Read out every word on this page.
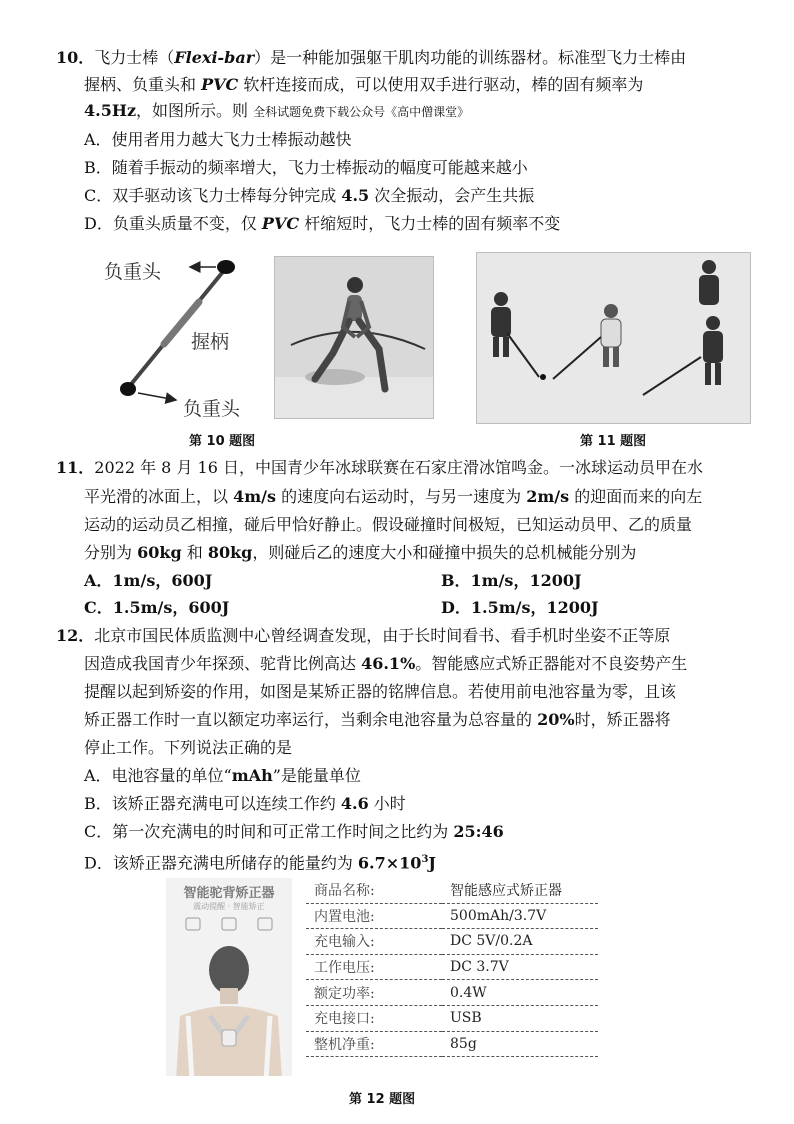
10．飞力士棒（Flexi-bar）是一种能加强躯干肌肉功能的训练器材。标准型飞力士棒由
握柄、负重头和 PVC 软杆连接而成，可以使用双手进行驱动，棒的固有频率为
4.5Hz，如图所示。则 全科试题免费下载公众号《高中僧课堂》
A．使用者用力越大飞力士棒振动越快
B．随着手振动的频率增大，飞力士棒振动的幅度可能越来越小
C．双手驱动该飞力士棒每分钟完成 4.5 次全振动，会产生共振
D．负重头质量不变，仅 PVC 杆缩短时，飞力士棒的固有频率不变
负重头
握柄
负重头
第 10 题图	第 11 题图
11．2022 年 8 月 16 日，中国青少年冰球联赛在石家庄滑冰馆鸣金。一冰球运动员甲在水
平光滑的冰面上，以 4m/s 的速度向右运动时，与另一速度为 2m/s 的迎面而来的向左
运动的运动员乙相撞，碰后甲恰好静止。假设碰撞时间极短，已知运动员甲、乙的质量
分别为 60kg 和 80kg，则碰后乙的速度大小和碰撞中损失的总机械能分别为
A．1m/s，600J	B．1m/s，1200J
C．1.5m/s，600J	D．1.5m/s，1200J
12．北京市国民体质监测中心曾经调查发现，由于长时间看书、看手机时坐姿不正等原
因造成我国青少年探颈、驼背比例高达 46.1%。智能感应式矫正器能对不良姿势产生
提醒以起到矫姿的作用，如图是某矫正器的铭牌信息。若使用前电池容量为零，且该
矫正器工作时一直以额定功率运行，当剩余电池容量为总容量的 20%时，矫正器将
停止工作。下列说法正确的是
A．电池容量的单位“mAh”是能量单位
B．该矫正器充满电可以连续工作约 4.6 小时
C．第一次充满电的时间和可正常工作时间之比约为 25:46
D．该矫正器充满电所储存的能量约为 $6.7\times 10^3J$
智能驼背矫正器
震动提醒 · 智能矫正
商品名称:	智能感应式矫正器
内置电池:	500mAh/3.7V
充电输入:	DC 5V/0.2A
工作电压:	DC 3.7V
额定功率:	0.4W
充电接口:	USB
整机净重:	85g
第 12 题图
